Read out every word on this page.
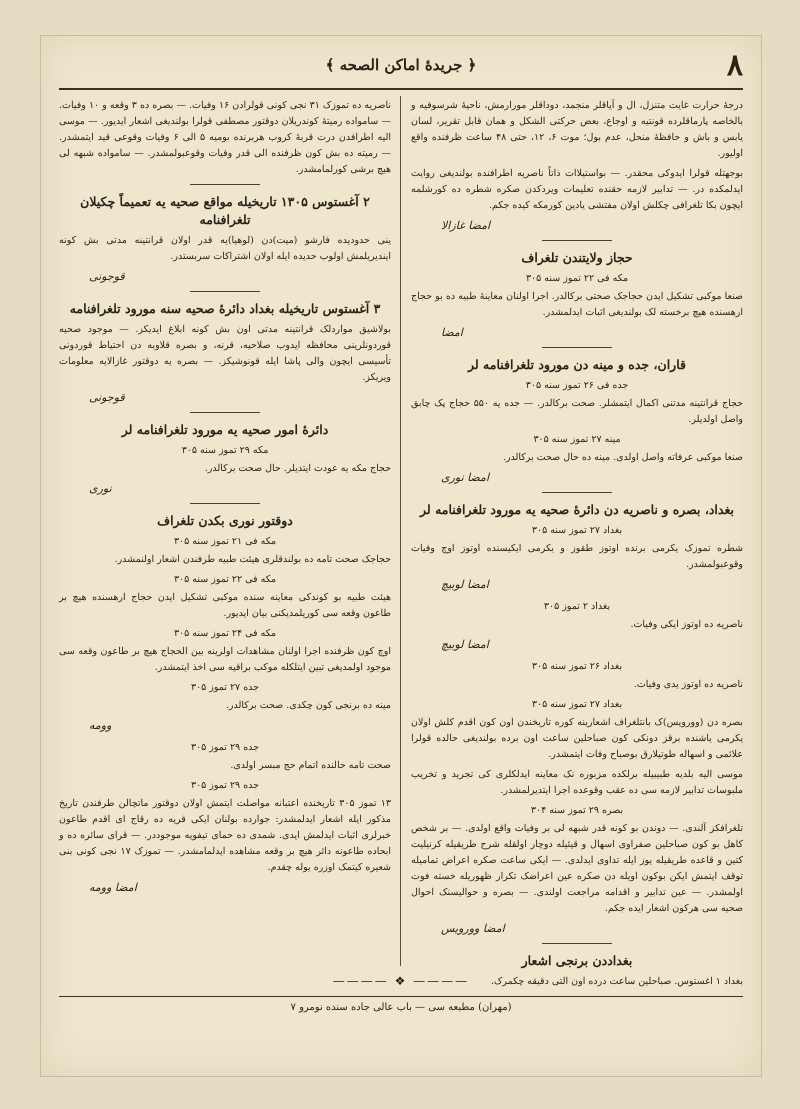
٨
﴿ جريدهٔ اماكن الصحه ﴾
درجهٔ حرارت غایت متنزل، ال و آیاقلر منجمد، دوداقلر مورارمش، ناحیهٔ شرسوفیه و بالخاصه پارماقلرده قونتیه و اوجاع، بعض حرکتی الشکل و همان قابل تقریر، لسان یابس و باش و حافظهٔ منحل، عدم بول؛ موت ۶، ۱۲، حتی ۴۸ ساعت ظرفنده واقع اولیور.
بوجهتله قولرا ایدوکی محقدر. — بواستیلاات ذاتاً ناصریه اطرافنده بولندیغی روایت ایدلمکده در. — تدابیر لازمه حقنده تعلیمات ویردکدن صکره شطره ده کورشلمه ایچون بکا تلغرافی چکلش اولان مفتشی یادین کورمکه کیده جکم.
امضا غازالا
حجاز ولایتندن تلغراف
مکه فی ۲۲ تموز سنه ۳۰۵
صنعا موکبی تشکیل ایدن حجاجک صحتی برکالدر. اجرا اولنان معاینهٔ طبیه ده بو حجاج ارهسنده هیچ برخسته لک بولندیغی اثبات ایدلمشدر.
امضا
قاران، جده و مینه دن مورود تلغرافنامه لر
جده فی ۲۶ تموز سنه ۳۰۵
حجاج قرانتینه مدتنی اکمال ایتمشلر. صحت برکالدر. — جده یه ۵۵۰ حجاج پک چابق واصل اولدیلر.
مینه ۲۷ تموز سنه ۳۰۵
صنعا موکبی عرفاته واصل اولدی. مینه ده حال صحت برکالدر.
امضا نوری
بغداد، بصره و ناصریه دن دائرهٔ صحیه یه مورود تلغرافنامه لر
بغداد ۲۷ تموز سنه ۳۰۵
شطره تموزک یکرمی برنده اوتوز طقوز و یکرمی ایکیسنده اوتوز اوچ وفیات وقوعبولمشدر.
امضا لوبیچ
بغداد ۲ تموز ۳۰۵
ناصریه ده اوتوز ایکی وفیات.
امضا لوبیچ
بغداد ۲۶ تموز سنه ۳۰۵
ناصریه ده اوتوز یدی وفیات.
بغداد ۲۷ تموز سنه ۳۰۵
بصره دن (وورویس)ک بانتلغراف اشعارینه کوره تاریخندن اون کون اقدم کلش اولان یکرمی یاشنده برقز دونکی کون صباحلین ساعت اون برده بولندیغی حالده قولرا علائمی و اسهاله طوتیلارق بوصباح وفات ایتمشدر.
موسی الیه بلدیه طبیبیله برلکده مزبوره نک معاینه ایدلکلری کی تجرید و تخریب ملبوسات تدابیر لازمه سی ده عقب وقوعده اجرا ایتدیرلمشدر.
بصره ۲۹ تموز سنه ۳۰۴
تلغرافکز آلندی. — دوندن بو کونه قدر شبهه لی بر وفیات واقع اولدی. — بر شخص کاهل بو کون صباحلین صفراوی اسهال و قیئیله دوچار اولقله شرح طریقیله کرنیلیت کتین و قاعده طریقیله یوز ایله تداوی ایدلدی. — ایکی ساعت صکره اعراض تمامیله توقف ایتمش ایکن بوکون اویله دن صکره عین اعراضک تکرار ظهوریله خسته فوت اولمشدر. — عین تدابیر و اقدامه مراجعت اولندی. — بصره و حوالیسنک احوال صحیه سی هرکون اشعار ایده جکم.
امضا وورویس
بغداددن برنجی اشعار
بغداد ۱ اغستوس. صباحلین ساعت درده اون التی دقیقه چکمرک.
ناصریه ده تموزک ۳۱ نجی کونی قولرادن ۱۶ وفیات. — بصره ده ۳ وقعه و ۱۰ وفیات. — سامواده رمیتهٔ کوندریلان دوقتور مصطفی قولرا بولندیغی اشعار ایدیور. — موسی الیه اطرافدن درت قربهٔ کروب هربرنده بومیه ۵ الی ۶ وفیات وقوعی قید ایتمشدر. — رمیته ده بش کون ظرفنده الی قدر وفیات وقوعبولمشدر. — سامواده شبهه لی هیچ برشی کورلمامشدر.
۲ آغستوس ۱۳۰۵ تاریخیله مواقع صحیه یه تعمیماً چکیلان تلغرافنامه
ینی حدودیده فارشو (میت)دن (لوهیا)یه قدر اولان قرانتینه مدتی بش کونه ایندیریلمش اولوب حدیده ایله اولان اشتراکات سربستدر.
قوجونی
۳ آغستوس تاریخیله بغداد دائرهٔ صحیه سنه مورود تلغرافنامه
بولاشیق مواردلک قرانتینه مدتی اون بش کونه ابلاغ ایدیکز. — موجود صحیه قوردونلرینی محافظه ایدوب صلاحیه، قرنه، و بصره قلاوبه دن احتیاط قوردونی تأسیسی ایچون والی پاشا ایله قونوشیکز. — بصره یه دوقتور غازالایه معلومات ویریکز.
قوجونی
دائرهٔ امور صحیه یه مورود تلغرافنامه لر
مکه ۲۹ تموز سنه ۳۰۵
حجاج مکه یه عودت ایتدیلر. حال صحت برکالدر.
نوری
دوقتور نوری بکدن تلغراف
مکه فی ۲۱ تموز سنه ۳۰۵
حجاجک صحت تامه ده بولندقلری هیئت طبیه طرفندن اشعار اولنمشدر.
مکه فی ۲۲ تموز سنه ۳۰۵
هیئت طبیه بو کوندکی معاینه سنده موکبی تشکیل ایدن حجاج ارهسنده هیچ بر طاعون وقعه سی کوریلمدیکنی بیان ایدیور.
مکه فی ۲۴ تموز سنه ۳۰۵
اوچ کون ظرفنده اجرا اولنان مشاهدات اولرینه بین الحجاج هیچ بر طاعون وقعه سی موجود اولمدیغی تبین ایتلکله موکب براقیه سی اخذ ایتمشدر.
جده ۲۷ تموز ۳۰۵
مینه ده برنجی کون چکدی. صحت برکالدر.
وومه
جده ۲۹ تموز ۳۰۵
صحت تامه حالنده اتمام حج مبسر اولدی.
جده ۲۹ تموز ۳۰۵
۱۳ تموز ۳۰۵ تاریخنده اعتبانه مواصلت ایتمش اولان دوقتور ماتچالن طرفندن تاریخ مذکور ایله اشعار ایدلمشدر: جوارده بولنان ایکی قریه ده رقاج ای اقدم طاعون خبرلری اثبات ایدلمش ایدی. شمدی ده حمای تیفویه موجوددر. — قرای سائره ده و ابحاده طاعونه دائر هیچ بر وقعه مشاهده ایدلمامشدر. — تموزک ۱۷ نجی کونی بنی شعیره کیتمک اوزره یوله چقدم.
امضا وومه
———— ❖ ————
(مهران) مطبعه سی — باب عالی جاده سنده نومرو ۷
